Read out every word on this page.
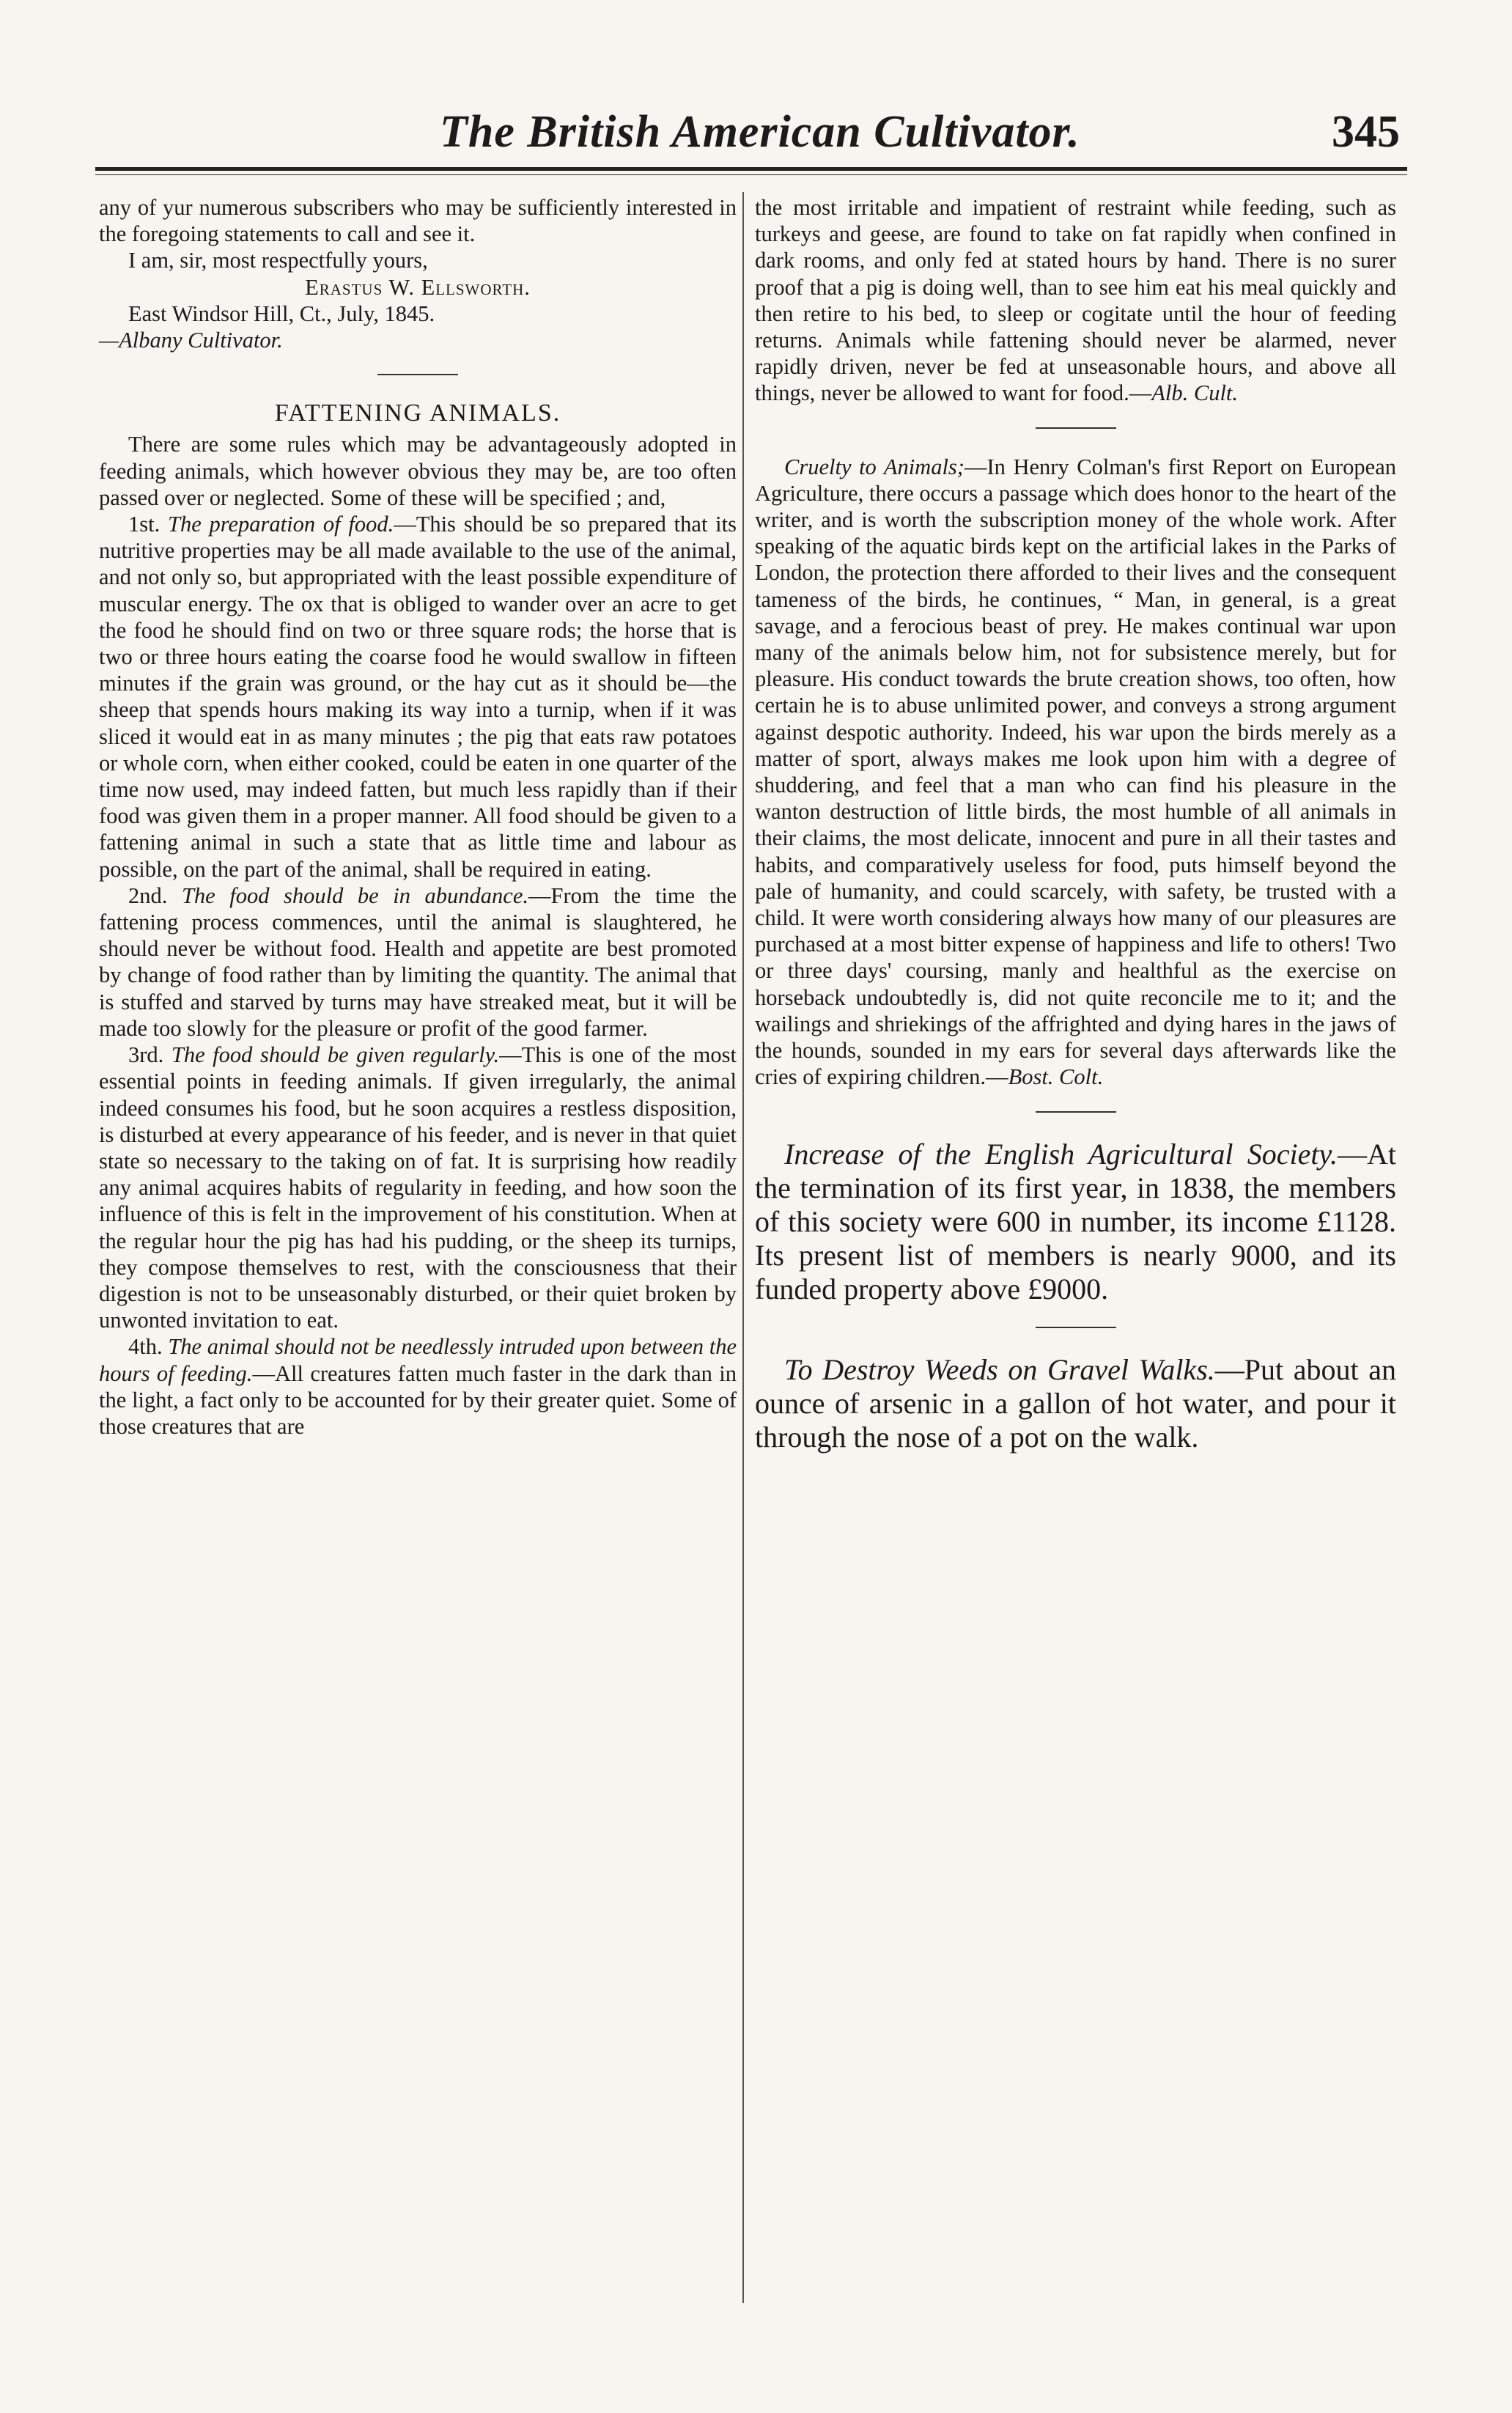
The British American Cultivator.	345

any of yur numerous subscribers who may be sufficiently interested in the foregoing statements to call and see it.

I am, sir, most respectfully yours,

Erastus W. Ellsworth.

East Windsor Hill, Ct., July, 1845.

—Albany Cultivator.

FATTENING ANIMALS.

There are some rules which may be advantageously adopted in feeding animals, which however obvious they may be, are too often passed over or neglected. Some of these will be specified ; and,

1st. The preparation of food.—This should be so prepared that its nutritive properties may be all made available to the use of the animal, and not only so, but appropriated with the least possible expenditure of muscular energy. The ox that is obliged to wander over an acre to get the food he should find on two or three square rods; the horse that is two or three hours eating the coarse food he would swallow in fifteen minutes if the grain was ground, or the hay cut as it should be—the sheep that spends hours making its way into a turnip, when if it was sliced it would eat in as many minutes ; the pig that eats raw potatoes or whole corn, when either cooked, could be eaten in one quarter of the time now used, may indeed fatten, but much less rapidly than if their food was given them in a proper manner. All food should be given to a fattening animal in such a state that as little time and labour as possible, on the part of the animal, shall be required in eating.

2nd. The food should be in abundance.—From the time the fattening process commences, until the animal is slaughtered, he should never be without food. Health and appetite are best promoted by change of food rather than by limiting the quantity. The animal that is stuffed and starved by turns may have streaked meat, but it will be made too slowly for the pleasure or profit of the good farmer.

3rd. The food should be given regularly.—This is one of the most essential points in feeding animals. If given irregularly, the animal indeed consumes his food, but he soon acquires a restless disposition, is disturbed at every appearance of his feeder, and is never in that quiet state so necessary to the taking on of fat. It is surprising how readily any animal acquires habits of regularity in feeding, and how soon the influence of this is felt in the improvement of his constitution. When at the regular hour the pig has had his pudding, or the sheep its turnips, they compose themselves to rest, with the consciousness that their digestion is not to be unseasonably disturbed, or their quiet broken by unwonted invitation to eat.

4th. The animal should not be needlessly intruded upon between the hours of feeding.—All creatures fatten much faster in the dark than in the light, a fact only to be accounted for by their greater quiet. Some of those creatures that are

the most irritable and impatient of restraint while feeding, such as turkeys and geese, are found to take on fat rapidly when confined in dark rooms, and only fed at stated hours by hand. There is no surer proof that a pig is doing well, than to see him eat his meal quickly and then retire to his bed, to sleep or cogitate until the hour of feeding returns. Animals while fattening should never be alarmed, never rapidly driven, never be fed at unseasonable hours, and above all things, never be allowed to want for food.—Alb. Cult.

Cruelty to Animals;—In Henry Colman's first Report on European Agriculture, there occurs a passage which does honor to the heart of the writer, and is worth the subscription money of the whole work. After speaking of the aquatic birds kept on the artificial lakes in the Parks of London, the protection there afforded to their lives and the consequent tameness of the birds, he continues, “ Man, in general, is a great savage, and a ferocious beast of prey. He makes continual war upon many of the animals below him, not for subsistence merely, but for pleasure. His conduct towards the brute creation shows, too often, how certain he is to abuse unlimited power, and conveys a strong argument against despotic authority. Indeed, his war upon the birds merely as a matter of sport, always makes me look upon him with a degree of shuddering, and feel that a man who can find his pleasure in the wanton destruction of little birds, the most humble of all animals in their claims, the most delicate, innocent and pure in all their tastes and habits, and comparatively useless for food, puts himself beyond the pale of humanity, and could scarcely, with safety, be trusted with a child. It were worth considering always how many of our pleasures are purchased at a most bitter expense of happiness and life to others! Two or three days' coursing, manly and healthful as the exercise on horseback undoubtedly is, did not quite reconcile me to it; and the wailings and shriekings of the affrighted and dying hares in the jaws of the hounds, sounded in my ears for several days afterwards like the cries of expiring children.—Bost. Colt.

Increase of the English Agricultural Society.—At the termination of its first year, in 1838, the members of this society were 600 in number, its income £1128. Its present list of members is nearly 9000, and its funded property above £9000.

To Destroy Weeds on Gravel Walks.—Put about an ounce of arsenic in a gallon of hot water, and pour it through the nose of a pot on the walk.
